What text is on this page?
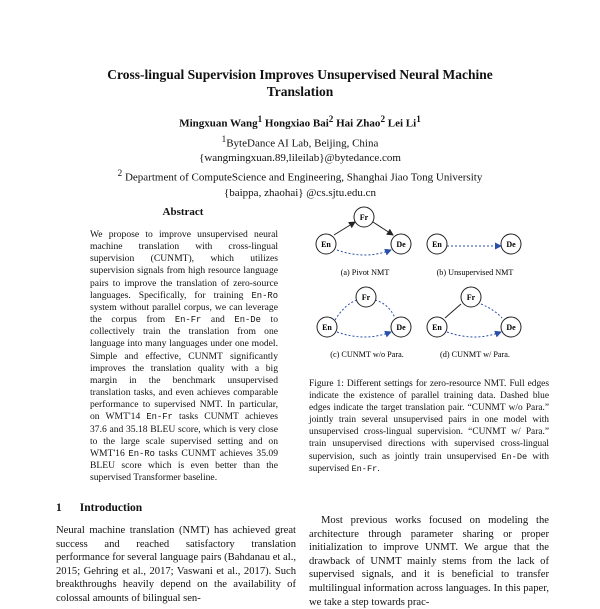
Cross-lingual Supervision Improves Unsupervised Neural Machine
Translation
Mingxuan Wang$^1$ Hongxiao Bai$^2$ Hai Zhao$^2$ Lei Li$^1$
$^1$ByteDance AI Lab, Beijing, China
{wangmingxuan.89,lileilab}@bytedance.com
$^2$ Department of ComputeScience and Engineering, Shanghai Jiao Tong University
{baippa, zhaohai} @cs.sjtu.edu.cn
Abstract
We propose to improve unsupervised neural machine translation with cross-lingual supervision (CUNMT), which utilizes supervision signals from high resource language pairs to improve the translation of zero-source languages. Specifically, for training En-Ro system without parallel corpus, we can leverage the corpus from En-Fr and En-De to collectively train the translation from one language into many languages under one model. Simple and effective, CUNMT significantly improves the translation quality with a big margin in the benchmark unsupervised translation tasks, and even achieves comparable performance to supervised NMT. In particular, on WMT'14 En-Fr tasks CUNMT achieves 37.6 and 35.18 BLEU score, which is very close to the large scale supervised setting and on WMT'16 En-Ro tasks CUNMT achieves 35.09 BLEU score which is even better than the supervised Transformer baseline.
Fr
En	De
(a) Pivot NMT
En	De
(b) Unsupervised NMT
Fr
En	De
(c) CUNMT w/o Para.
Fr
En	De
(d) CUNMT w/ Para.
Figure 1: Different settings for zero-resource NMT. Full edges indicate the existence of parallel training data. Dashed blue edges indicate the target translation pair. “CUNMT w/o Para.” jointly train several unsupervised pairs in one model with unsupervised cross-lingual supervision. “CUNMT w/ Para.” train unsupervised directions with supervised cross-lingual supervision, such as jointly train unsupervised En-De with supervised En-Fr.
1 Introduction
Neural machine translation (NMT) has achieved great success and reached satisfactory translation performance for several language pairs (Bahdanau et al., 2015; Gehring et al., 2017; Vaswani et al., 2017). Such breakthroughs heavily depend on the availability of colossal amounts of bilingual sen-
Most previous works focused on modeling the architecture through parameter sharing or proper initialization to improve UNMT. We argue that the drawback of UNMT mainly stems from the lack of supervised signals, and it is beneficial to transfer multilingual information across languages. In this paper, we take a step towards prac-
